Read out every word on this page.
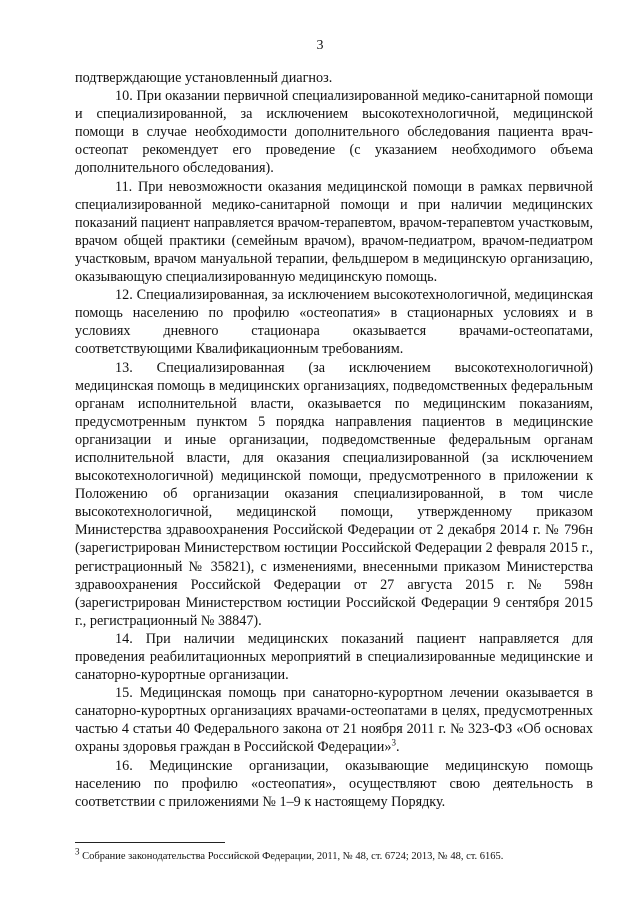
3

подтверждающие установленный диагноз.

10. При оказании первичной специализированной медико-санитарной помощи и специализированной, за исключением высокотехнологичной, медицинской помощи в случае необходимости дополнительного обследования пациента врач-остеопат рекомендует его проведение (с указанием необходимого объема дополнительного обследования).

11. При невозможности оказания медицинской помощи в рамках первичной специализированной медико-санитарной помощи и при наличии медицинских показаний пациент направляется врачом-терапевтом, врачом-терапевтом участковым, врачом общей практики (семейным врачом), врачом-педиатром, врачом-педиатром участковым, врачом мануальной терапии, фельдшером в медицинскую организацию, оказывающую специализированную медицинскую помощь.

12. Специализированная, за исключением высокотехнологичной, медицинская помощь населению по профилю «остеопатия» в стационарных условиях и в условиях дневного стационара оказывается врачами-остеопатами, соответствующими Квалификационным требованиям.

13. Специализированная (за исключением высокотехнологичной) медицинская помощь в медицинских организациях, подведомственных федеральным органам исполнительной власти, оказывается по медицинским показаниям, предусмотренным пунктом 5 порядка направления пациентов в медицинские организации и иные организации, подведомственные федеральным органам исполнительной власти, для оказания специализированной (за исключением высокотехнологичной) медицинской помощи, предусмотренного в приложении к Положению об организации оказания специализированной, в том числе высокотехнологичной, медицинской помощи, утвержденному приказом Министерства здравоохранения Российской Федерации от 2 декабря 2014 г. № 796н (зарегистрирован Министерством юстиции Российской Федерации 2 февраля 2015 г., регистрационный № 35821), с изменениями, внесенными приказом Министерства здравоохранения Российской Федерации от 27 августа 2015 г. № 598н (зарегистрирован Министерством юстиции Российской Федерации 9 сентября 2015 г., регистрационный № 38847).

14. При наличии медицинских показаний пациент направляется для проведения реабилитационных мероприятий в специализированные медицинские и санаторно-курортные организации.

15. Медицинская помощь при санаторно-курортном лечении оказывается в санаторно-курортных организациях врачами-остеопатами в целях, предусмотренных частью 4 статьи 40 Федерального закона от 21 ноября 2011 г. № 323-ФЗ «Об основах охраны здоровья граждан в Российской Федерации»$^3$.

16. Медицинские организации, оказывающие медицинскую помощь населению по профилю «остеопатия», осуществляют свою деятельность в соответствии с приложениями № 1–9 к настоящему Порядку.

$^3$ Собрание законодательства Российской Федерации, 2011, № 48, ст. 6724; 2013, № 48, ст. 6165.
